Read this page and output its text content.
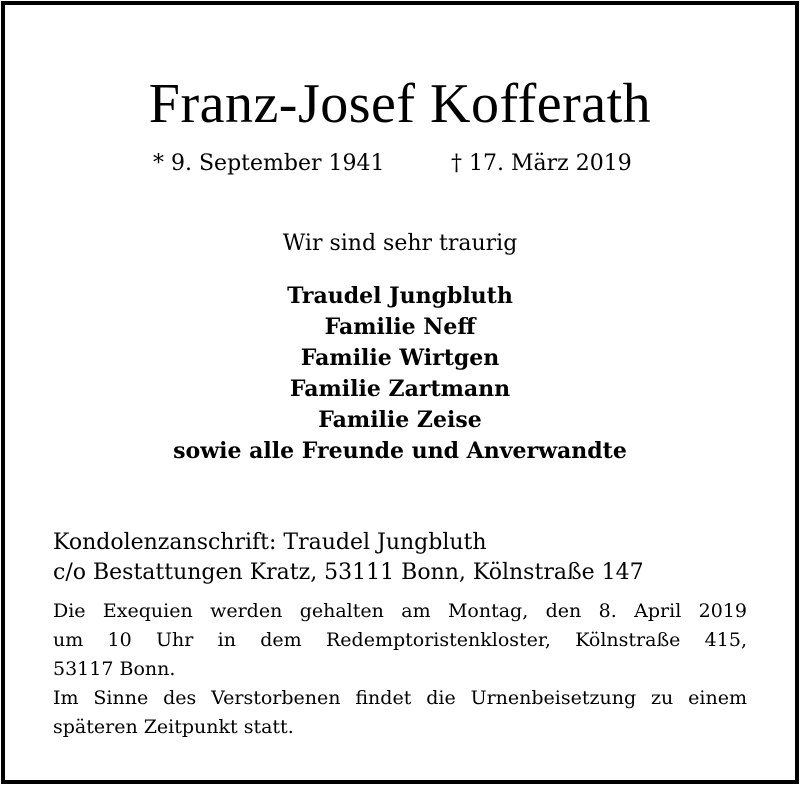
Franz-Josef Kofferath
* 9. September 1941	† 17. März 2019
Wir sind sehr traurig
Traudel Jungbluth
Familie Neff
Familie Wirtgen
Familie Zartmann
Familie Zeise
sowie alle Freunde und Anverwandte
Kondolenzanschrift: Traudel Jungbluth
c/o Bestattungen Kratz, 53111 Bonn, Kölnstraße 147
Die Exequien werden gehalten am Montag, den 8. April 2019
um 10 Uhr in dem Redemptoristenkloster, Kölnstraße 415,
53117 Bonn.
Im Sinne des Verstorbenen findet die Urnenbeisetzung zu einem
späteren Zeitpunkt statt.
